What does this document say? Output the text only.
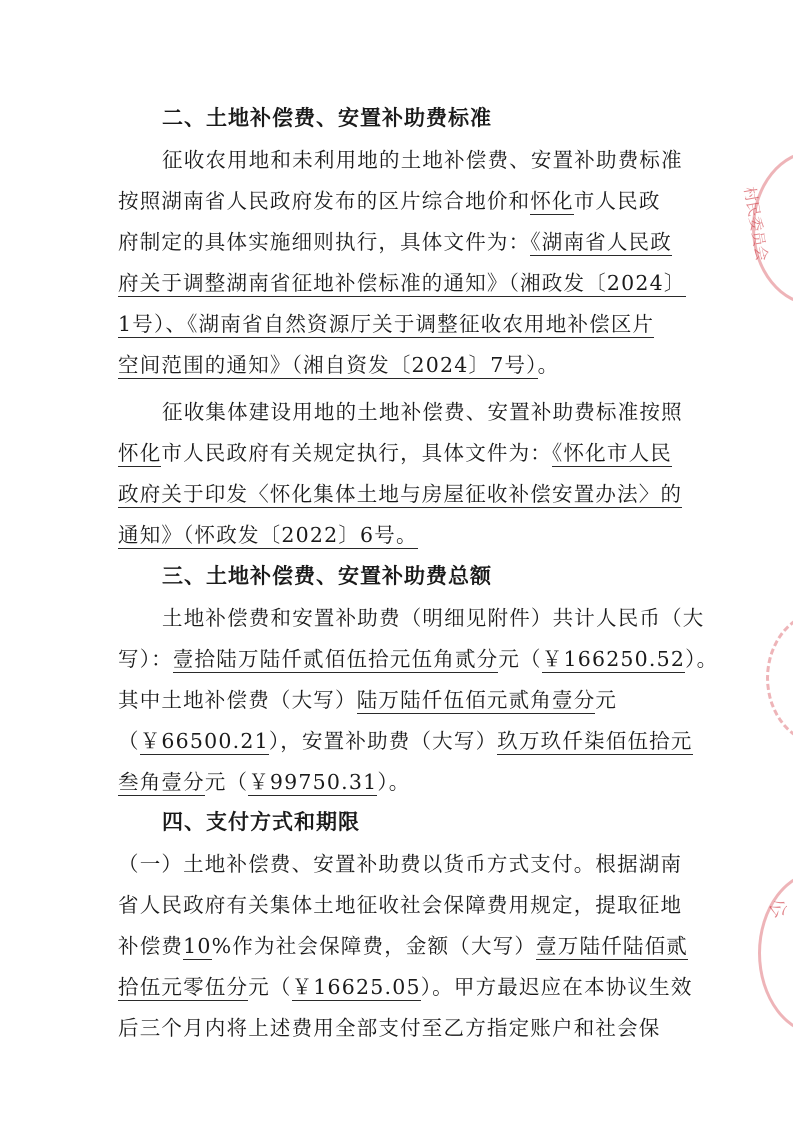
二、土地补偿费、安置补助费标准
征收农用地和未利用地的土地补偿费、安置补助费标准
按照湖南省人民政府发布的区片综合地价和怀化市人民政
府制定的具体实施细则执行，具体文件为：《湖南省人民政
府关于调整湖南省征地补偿标准的通知》（湘政发〔2024〕
1号）、《湖南省自然资源厅关于调整征收农用地补偿区片
空间范围的通知》（湘自资发〔2024〕7号）。
征收集体建设用地的土地补偿费、安置补助费标准按照
怀化市人民政府有关规定执行，具体文件为：《怀化市人民
政府关于印发〈怀化集体土地与房屋征收补偿安置办法〉的
通知》（怀政发〔2022〕6号。
三、土地补偿费、安置补助费总额
土地补偿费和安置补助费（明细见附件）共计人民币（大
写）：壹拾陆万陆仟贰佰伍拾元伍角贰分元（￥166250.52）。
其中土地补偿费（大写）陆万陆仟伍佰元贰角壹分元
（￥66500.21），安置补助费（大写）玖万玖仟柒佰伍拾元
叁角壹分元（￥99750.31）。
四、支付方式和期限
（一）土地补偿费、安置补助费以货币方式支付。根据湖南
省人民政府有关集体土地征收社会保障费用规定，提取征地
补偿费10%作为社会保障费，金额（大写）壹万陆仟陆佰贰
拾伍元零伍分元（￥16625.05）。甲方最迟应在本协议生效
后三个月内将上述费用全部支付至乙方指定账户和社会保
村民委员会
公
